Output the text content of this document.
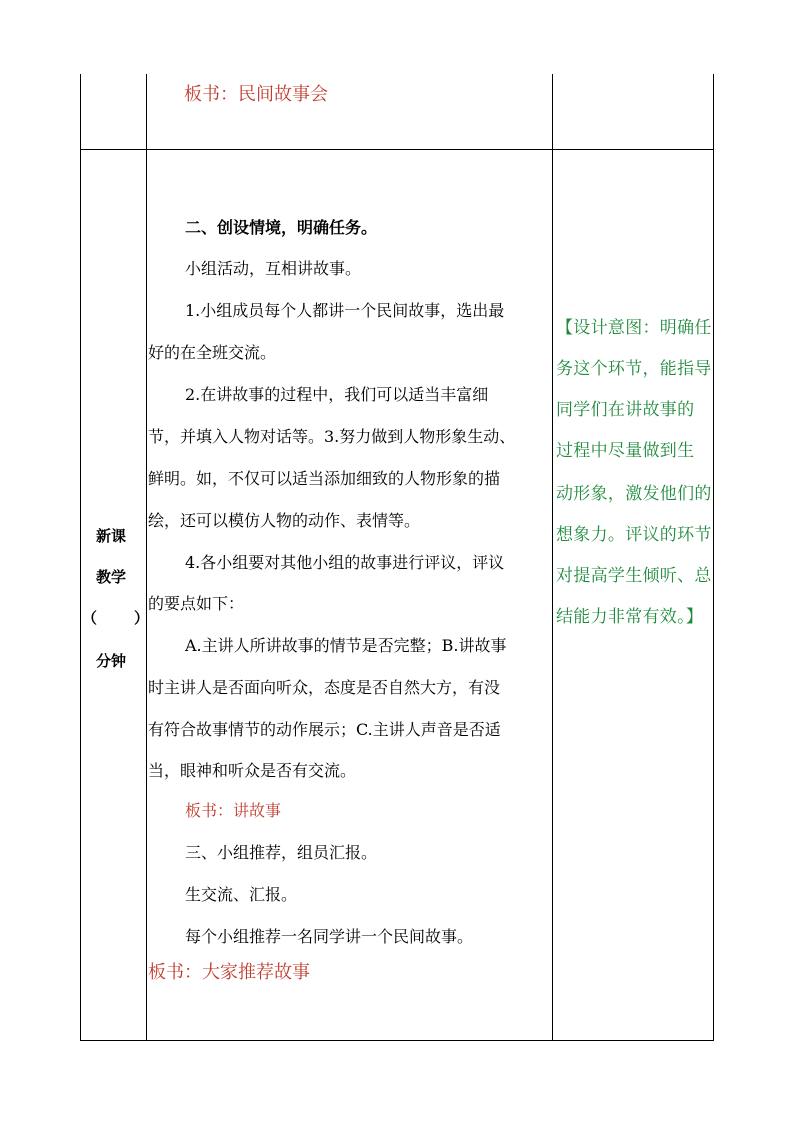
板书：民间故事会
新课
教学
（ ）
分钟
二、创设情境，明确任务。
小组活动，互相讲故事。
1.小组成员每个人都讲一个民间故事，选出最
好的在全班交流。
2.在讲故事的过程中，我们可以适当丰富细
节，并填入人物对话等。3.努力做到人物形象生动、
鲜明。如，不仅可以适当添加细致的人物形象的描
绘，还可以模仿人物的动作、表情等。
4.各小组要对其他小组的故事进行评议，评议
的要点如下：
A.主讲人所讲故事的情节是否完整；B.讲故事
时主讲人是否面向听众，态度是否自然大方，有没
有符合故事情节的动作展示；C.主讲人声音是否适
当，眼神和听众是否有交流。
板书：讲故事
三、小组推荐，组员汇报。
生交流、汇报。
每个小组推荐一名同学讲一个民间故事。
板书：大家推荐故事
【设计意图：明确任
务这个环节，能指导
同学们在讲故事的
过程中尽量做到生
动形象，激发他们的
想象力。评议的环节
对提高学生倾听、总
结能力非常有效。】
